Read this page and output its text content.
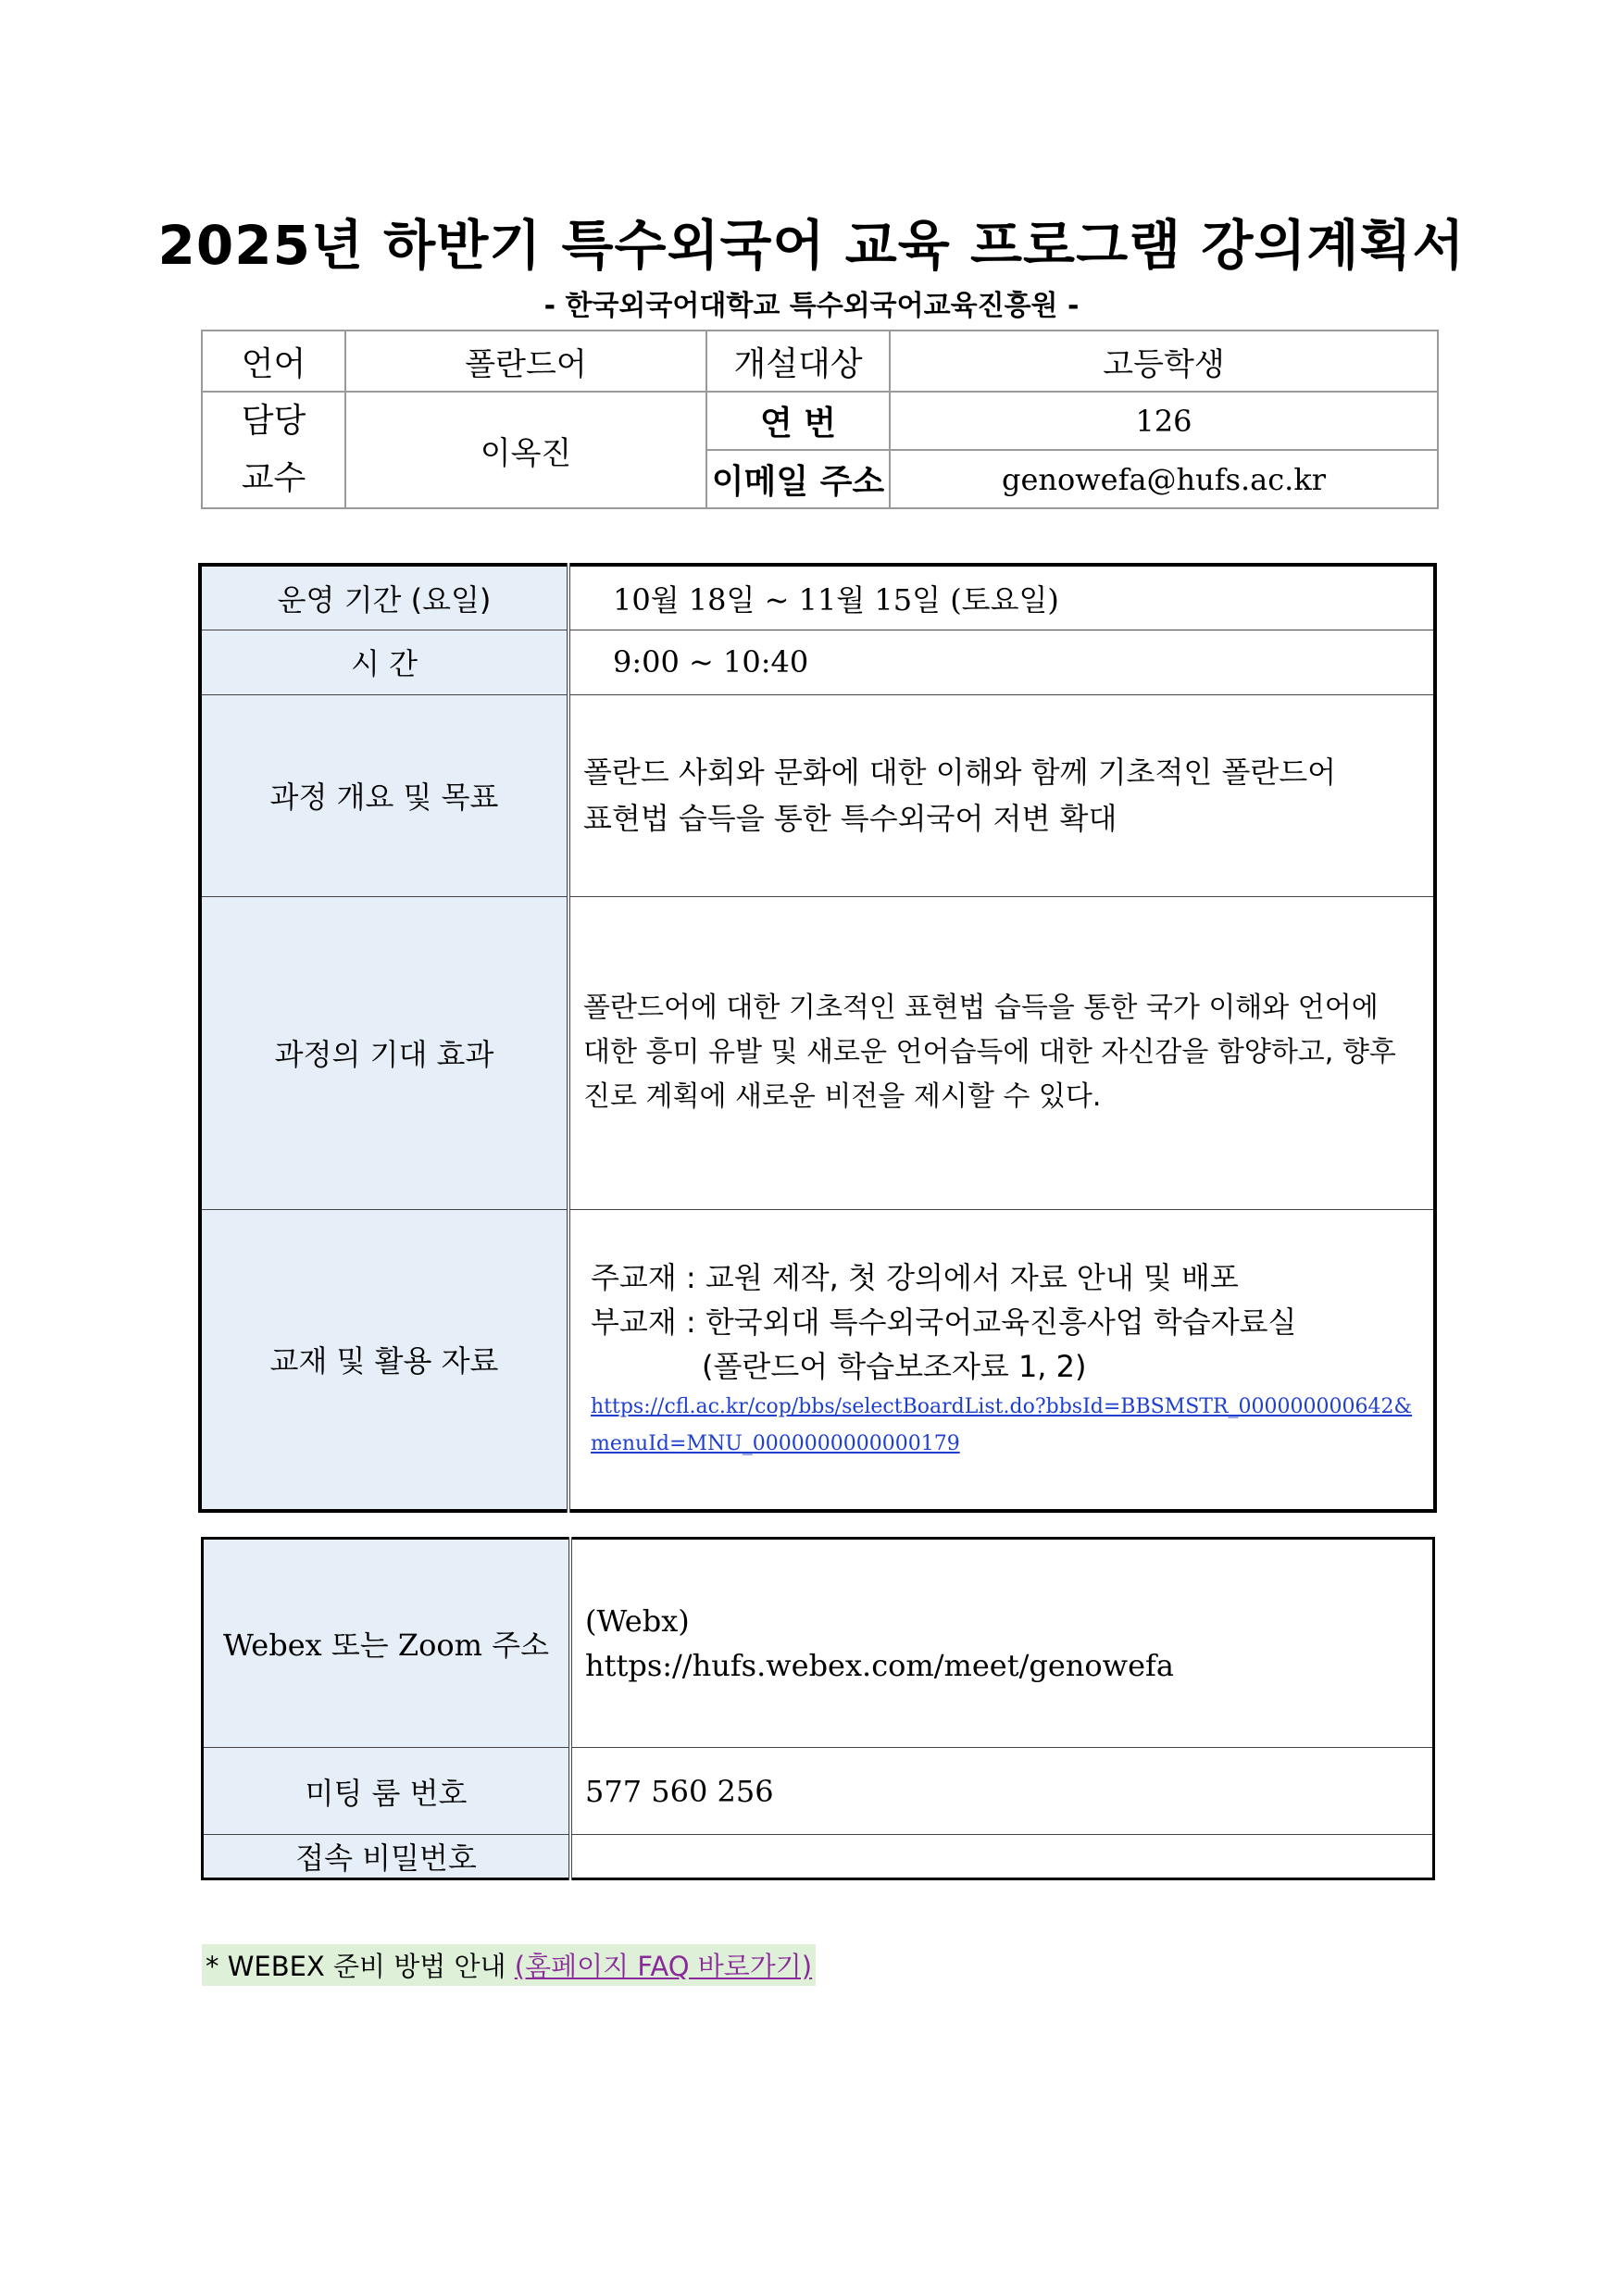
2025년 하반기 특수외국어 교육 프로그램 강의계획서
- 한국외국어대학교 특수외국어교육진흥원 -
언어	폴란드어	개설대상	고등학생
담당
교수	이옥진	연 번	126
		이메일 주소	genowefa@hufs.ac.kr
운영 기간 (요일)	10월 18일 ~ 11월 15일 (토요일)
시 간	9:00 ~ 10:40
과정 개요 및 목표	폴란드 사회와 문화에 대한 이해와 함께 기초적인 폴란드어
표현법 습득을 통한 특수외국어 저변 확대

과정의 기대 효과	폴란드어에 대한 기초적인 표현법 습득을 통한 국가 이해와 언어에
대한 흥미 유발 및 새로운 언어습득에 대한 자신감을 함양하고, 향후
진로 계획에 새로운 비전을 제시할 수 있다.

교재 및 활용 자료	주교재 : 교원 제작, 첫 강의에서 자료 안내 및 배포
부교재 : 한국외대 특수외국어교육진흥사업 학습자료실
(폴란드어 학습보조자료 1, 2)
https://cfl.ac.kr/cop/bbs/selectBoardList.do?bbsId=BBSMSTR_000000000642&menuId=MNU_0000000000000179
Webex 또는 Zoom 주소	(Webx)
https://hufs.webex.com/meet/genowefa

미팅 룸 번호	577 560 256
접속 비밀번호	
* WEBEX 준비 방법 안내 (홈페이지 FAQ 바로가기)
